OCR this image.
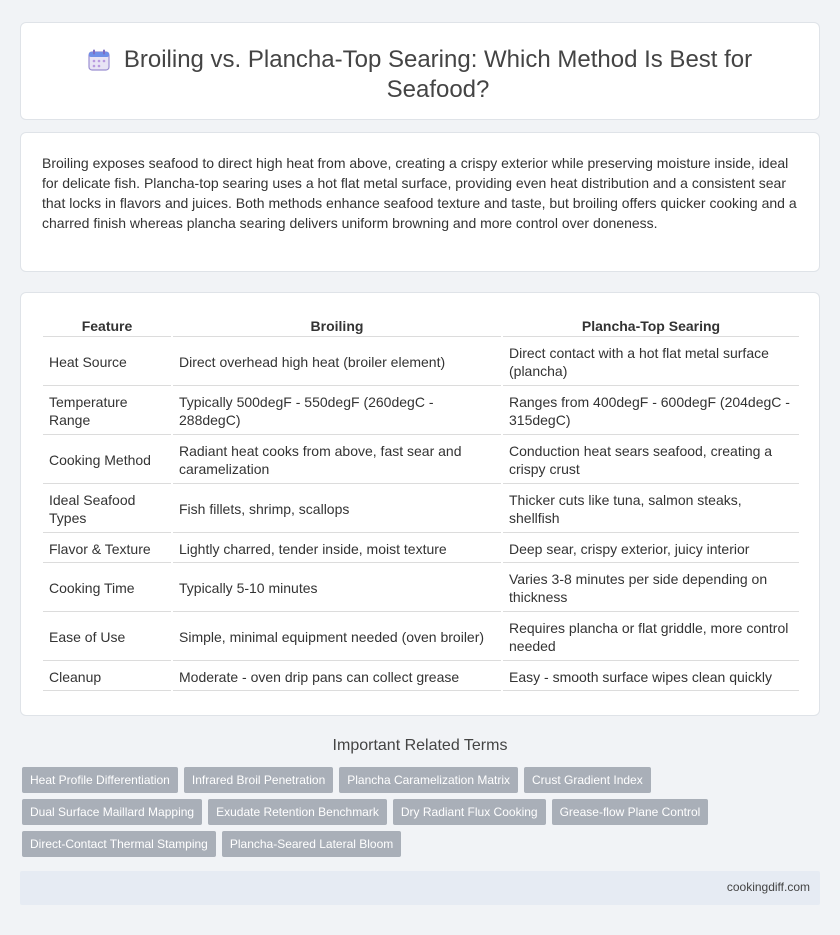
Broiling vs. Plancha-Top Searing: Which Method Is Best for Seafood?

Broiling exposes seafood to direct high heat from above, creating a crispy exterior while preserving moisture inside, ideal for delicate fish. Plancha-top searing uses a hot flat metal surface, providing even heat distribution and a consistent sear that locks in flavors and juices. Both methods enhance seafood texture and taste, but broiling offers quicker cooking and a charred finish whereas plancha searing delivers uniform browning and more control over doneness.

Feature	Broiling	Plancha-Top Searing
Heat Source	Direct overhead high heat (broiler element)	Direct contact with a hot flat metal surface (plancha)
Temperature Range	Typically 500degF - 550degF (260degC - 288degC)	Ranges from 400degF - 600degF (204degC - 315degC)
Cooking Method	Radiant heat cooks from above, fast sear and caramelization	Conduction heat sears seafood, creating a crispy crust
Ideal Seafood Types	Fish fillets, shrimp, scallops	Thicker cuts like tuna, salmon steaks, shellfish
Flavor & Texture	Lightly charred, tender inside, moist texture	Deep sear, crispy exterior, juicy interior
Cooking Time	Typically 5-10 minutes	Varies 3-8 minutes per side depending on thickness
Ease of Use	Simple, minimal equipment needed (oven broiler)	Requires plancha or flat griddle, more control needed
Cleanup	Moderate - oven drip pans can collect grease	Easy - smooth surface wipes clean quickly
Important Related Terms
Heat Profile Differentiation	Infrared Broil Penetration	Plancha Caramelization Matrix	Crust Gradient Index
Dual Surface Maillard Mapping	Exudate Retention Benchmark	Dry Radiant Flux Cooking	Grease-flow Plane Control
Direct-Contact Thermal Stamping	Plancha-Seared Lateral Bloom
cookingdiff.com
